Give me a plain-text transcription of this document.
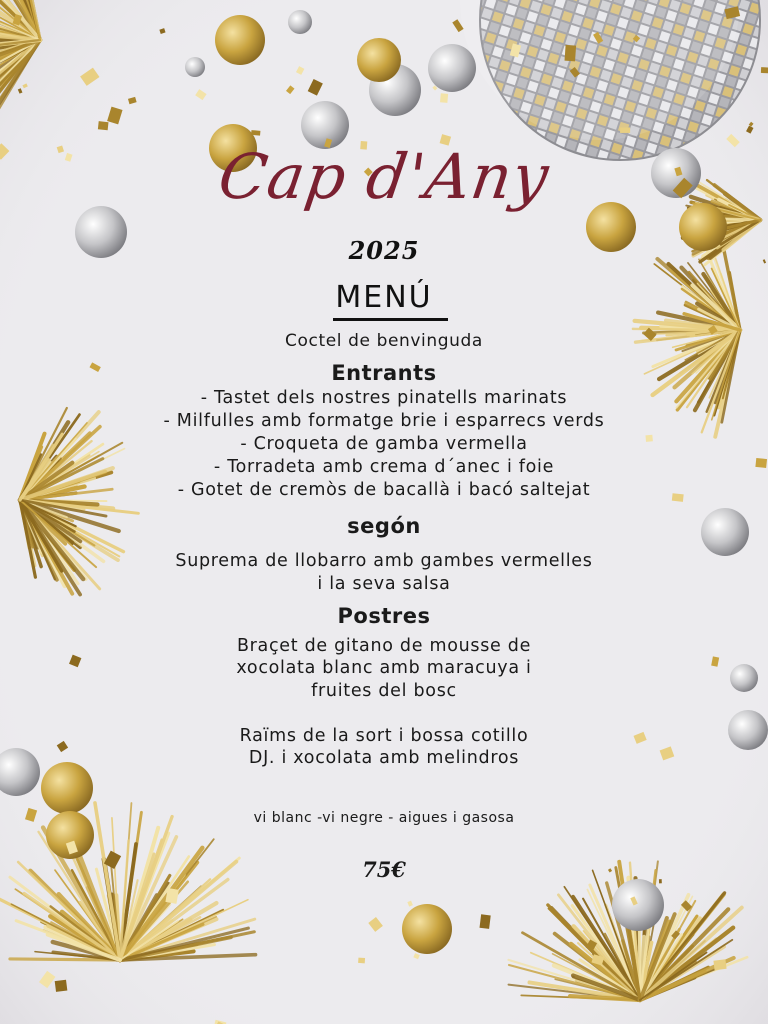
Cap d'Any
2025
MENÚ
Coctel de benvinguda
Entrants
- Tastet dels nostres pinatells marinats
- Milfulles amb formatge brie i esparrecs verds
- Croqueta de gamba vermella
- Torradeta amb crema d´anec i foie
- Gotet de cremòs de bacallà i bacó saltejat
segón
Suprema de llobarro amb gambes vermelles
i la seva salsa
Postres
Braçet de gitano de mousse de
xocolata blanc amb maracuya i
fruites del bosc
Raïms de la sort i bossa cotillo
DJ. i xocolata amb melindros
vi blanc -vi negre - aigues i gasosa
75€
